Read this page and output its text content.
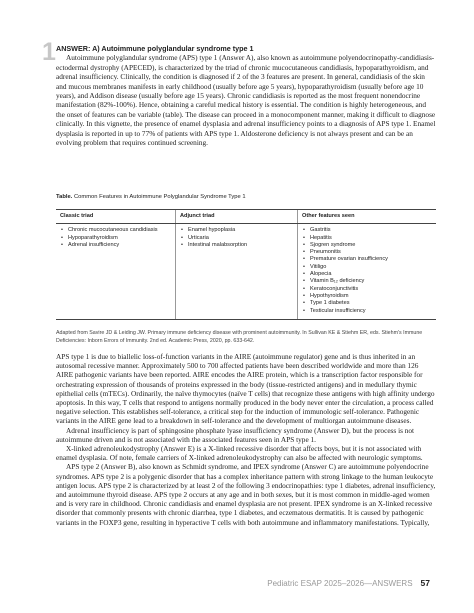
1 ANSWER: A) Autoimmune polyglandular syndrome type 1

Autoimmune polyglandular syndrome (APS) type 1 (Answer A), also known as autoimmune polyendocrinopathy-candidiasis-ectodermal dystrophy (APECED), is characterized by the triad of chronic mucocutaneous candidiasis, hypoparathyroidism, and adrenal insufficiency. Clinically, the condition is diagnosed if 2 of the 3 features are present. In general, candidiasis of the skin and mucous membranes manifests in early childhood (usually before age 5 years), hypoparathyroidism (usually before age 10 years), and Addison disease (usually before age 15 years). Chronic candidiasis is reported as the most frequent nonendocrine manifestation (82%-100%). Hence, obtaining a careful medical history is essential. The condition is highly heterogeneous, and the onset of features can be variable (table). The disease can proceed in a monocomponent manner, making it difficult to diagnose clinically. In this vignette, the presence of enamel dysplasia and adrenal insufficiency points to a diagnosis of APS type 1. Enamel dysplasia is reported in up to 77% of patients with APS type 1. Aldosterone deficiency is not always present and can be an evolving problem that requires continued screening.

Table. Common Features in Autoimmune Polyglandular Syndrome Type 1
Classic triad	Adjunct triad	Other features seen
• Chronic mucocutaneous candidiasis
• Hypoparathyroidism
• Adrenal insufficiency
• Enamel hypoplasia
• Urticaria
• Intestinal malabsorption
• Gastritis
• Hepatitis
• Sjogren syndrome
• Pneumonitis
• Premature ovarian insufficiency
• Vitiligo
• Alopecia
• Vitamin B₁₂ deficiency
• Keratoconjunctivitis
• Hypothyroidism
• Type 1 diabetes
• Testicular insufficiency
Adapted from Savire JD & Leiding JW. Primary immune deficiency disease with prominent autoimmunity. In Sullivan KE & Stiehm ER, eds. Stiehm's Immune Deficiencies: Inborn Errors of Immunity. 2nd ed. Academic Press, 2020, pp. 633-642.

APS type 1 is due to biallelic loss-of-function variants in the AIRE (autoimmune regulator) gene and is thus inherited in an autosomal recessive manner. Approximately 500 to 700 affected patients have been described worldwide and more than 126 AIRE pathogenic variants have been reported. AIRE encodes the AIRE protein, which is a transcription factor responsible for orchestrating expression of thousands of proteins expressed in the body (tissue-restricted antigens) and in medullary thymic epithelial cells (mTECs). Ordinarily, the naïve thymocytes (naïve T cells) that recognize these antigens with high affinity undergo apoptosis. In this way, T cells that respond to antigens normally produced in the body never enter the circulation, a process called negative selection. This establishes self-tolerance, a critical step for the induction of immunologic self-tolerance. Pathogenic variants in the AIRE gene lead to a breakdown in self-tolerance and the development of multiorgan autoimmune diseases.

Adrenal insufficiency is part of sphingosine phosphate lyase insufficiency syndrome (Answer D), but the process is not autoimmune driven and is not associated with the associated features seen in APS type 1.

X-linked adrenoleukodystrophy (Answer E) is a X-linked recessive disorder that affects boys, but it is not associated with enamel dysplasia. Of note, female carriers of X-linked adrenoleukodystrophy can also be affected with neurologic symptoms.

APS type 2 (Answer B), also known as Schmidt syndrome, and IPEX syndrome (Answer C) are autoimmune polyendocrine syndromes. APS type 2 is a polygenic disorder that has a complex inheritance pattern with strong linkage to the human leukocyte antigen locus. APS type 2 is characterized by at least 2 of the following 3 endocrinopathies: type 1 diabetes, adrenal insufficiency, and autoimmune thyroid disease. APS type 2 occurs at any age and in both sexes, but it is most common in middle-aged women and is very rare in childhood. Chronic candidiasis and enamel dysplasia are not present. IPEX syndrome is an X-linked recessive disorder that commonly presents with chronic diarrhea, type 1 diabetes, and eczematous dermatitis. It is caused by pathogenic variants in the FOXP3 gene, resulting in hyperactive T cells with both autoimmune and inflammatory manifestations. Typically,

Pediatric ESAP 2025–2026—ANSWERS 57
